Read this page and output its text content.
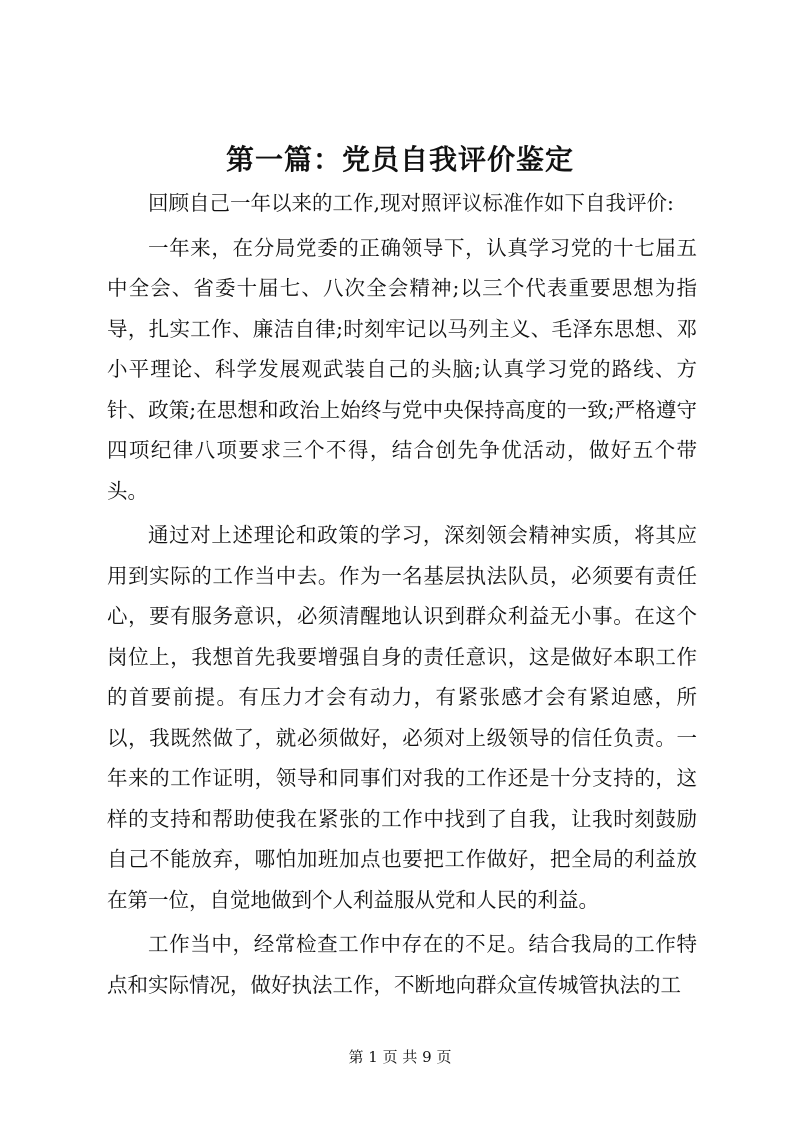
第一篇：党员自我评价鉴定

回顾自己一年以来的工作,现对照评议标准作如下自我评价:

一年来，在分局党委的正确领导下，认真学习党的十七届五中全会、省委十届七、八次全会精神;以三个代表重要思想为指导，扎实工作、廉洁自律;时刻牢记以马列主义、毛泽东思想、邓小平理论、科学发展观武装自己的头脑;认真学习党的路线、方针、政策;在思想和政治上始终与党中央保持高度的一致;严格遵守四项纪律八项要求三个不得，结合创先争优活动，做好五个带头。

通过对上述理论和政策的学习，深刻领会精神实质，将其应用到实际的工作当中去。作为一名基层执法队员，必须要有责任心，要有服务意识，必须清醒地认识到群众利益无小事。在这个岗位上，我想首先我要增强自身的责任意识，这是做好本职工作的首要前提。有压力才会有动力，有紧张感才会有紧迫感，所以，我既然做了，就必须做好，必须对上级领导的信任负责。一年来的工作证明，领导和同事们对我的工作还是十分支持的，这样的支持和帮助使我在紧张的工作中找到了自我，让我时刻鼓励自己不能放弃，哪怕加班加点也要把工作做好，把全局的利益放在第一位，自觉地做到个人利益服从党和人民的利益。

工作当中，经常检查工作中存在的不足。结合我局的工作特点和实际情况，做好执法工作，不断地向群众宣传城管执法的工

第 1 页 共 9 页
